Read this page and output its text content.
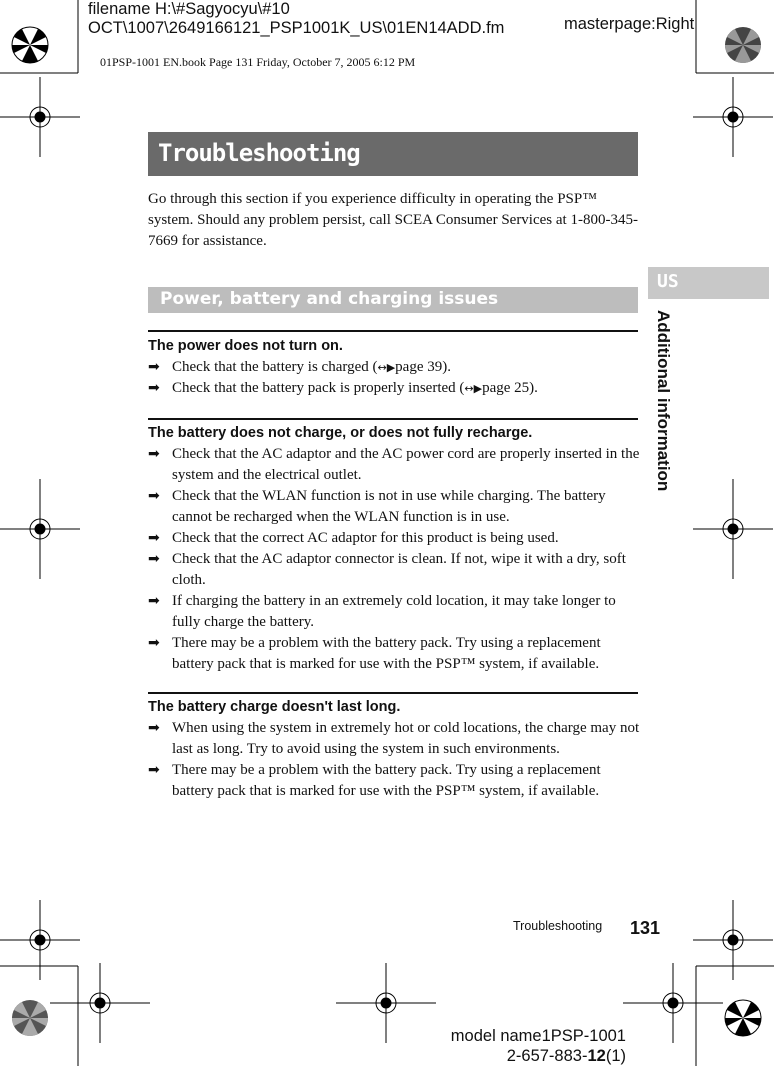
filename H:\#Sagyocyu\#10
OCT\1007\2649166121_PSP1001K_US\01EN14ADD.fm	masterpage:Right
01PSP-1001 EN.book Page 131 Friday, October 7, 2005 6:12 PM
Troubleshooting
Go through this section if you experience difficulty in operating the PSP™ system. Should any problem persist, call SCEA Consumer Services at 1-800-345-7669 for assistance.
Power, battery and charging issues
US
Additional information
The power does not turn on.
➡ Check that the battery is charged (↔▶page 39).
➡ Check that the battery pack is properly inserted (↔▶page 25).
The battery does not charge, or does not fully recharge.
➡ Check that the AC adaptor and the AC power cord are properly inserted in the system and the electrical outlet.
➡ Check that the WLAN function is not in use while charging. The battery cannot be recharged when the WLAN function is in use.
➡ Check that the correct AC adaptor for this product is being used.
➡ Check that the AC adaptor connector is clean. If not, wipe it with a dry, soft cloth.
➡ If charging the battery in an extremely cold location, it may take longer to fully charge the battery.
➡ There may be a problem with the battery pack. Try using a replacement battery pack that is marked for use with the PSP™ system, if available.
The battery charge doesn't last long.
➡ When using the system in extremely hot or cold locations, the charge may not last as long. Try to avoid using the system in such environments.
➡ There may be a problem with the battery pack. Try using a replacement battery pack that is marked for use with the PSP™ system, if available.
Troubleshooting 131
model name1PSP-1001
2-657-883-12(1)
